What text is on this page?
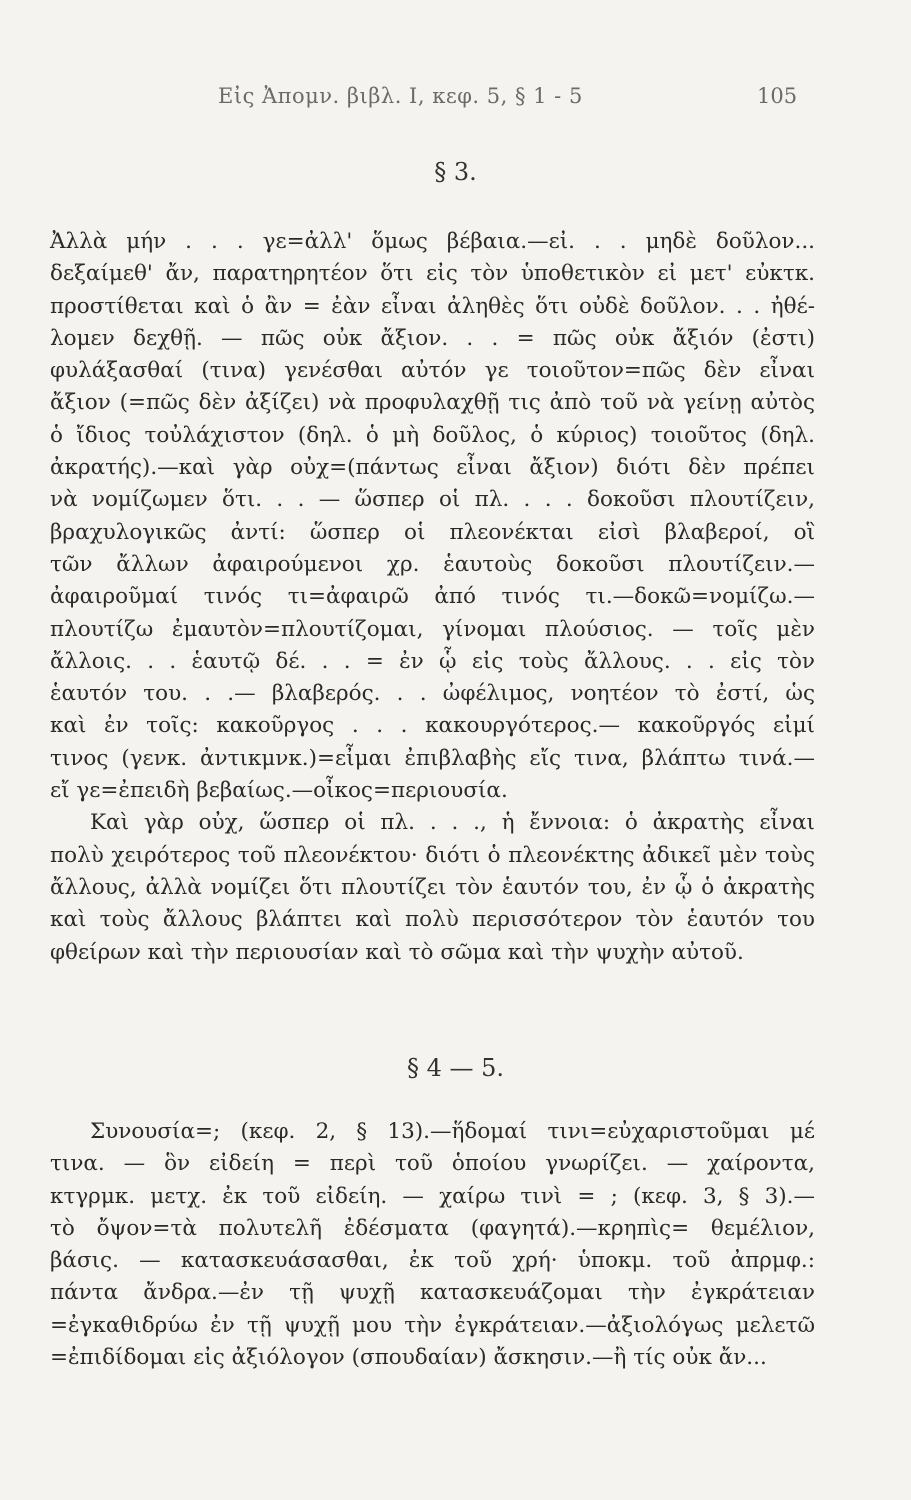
Εἰς Ἀπομν. βιβλ. Ι, κεφ. 5, § 1 - 5	105
§ 3.
Ἀλλὰ μήν . . . γε=ἀλλ' ὅμως βέβαια.—εἰ. . . μηδὲ δοῦλον...
δεξαίμεθ' ἄν, παρατηρητέον ὅτι εἰς τὸν ὑποθετικὸν εἰ μετ' εὐκτκ.
προστίθεται καὶ ὁ ἂν = ἐὰν εἶναι ἀληθὲς ὅτι οὐδὲ δοῦλον. . . ἠθέ-
λομεν δεχθῇ. — πῶς οὐκ ἄξιον. . . = πῶς οὐκ ἄξιόν (ἐστι)
φυλάξασθαί (τινα) γενέσθαι αὐτόν γε τοιοῦτον=πῶς δὲν εἶναι
ἄξιον (=πῶς δὲν ἀξίζει) νὰ προφυλαχθῇ τις ἀπὸ τοῦ νὰ γείνῃ αὐτὸς
ὁ ἴδιος τοὐλάχιστον (δηλ. ὁ μὴ δοῦλος, ὁ κύριος) τοιοῦτος (δηλ.
ἀκρατής).—καὶ γὰρ οὐχ=(πάντως εἶναι ἄξιον) διότι δὲν πρέπει
νὰ νομίζωμεν ὅτι. . . — ὥσπερ οἱ πλ. . . . δοκοῦσι πλουτίζειν,
βραχυλογικῶς ἀντί: ὥσπερ οἱ πλεονέκται εἰσὶ βλαβεροί, οἳ
τῶν ἄλλων ἀφαιρούμενοι χρ. ἑαυτοὺς δοκοῦσι πλουτίζειν.—
ἀφαιροῦμαί τινός τι=ἀφαιρῶ ἀπό τινός τι.—δοκῶ=νομίζω.—
πλουτίζω ἐμαυτὸν=πλουτίζομαι, γίνομαι πλούσιος. — τοῖς μὲν
ἄλλοις. . . ἑαυτῷ δέ. . . = ἐν ᾧ εἰς τοὺς ἄλλους. . . εἰς τὸν
ἑαυτόν του. . .— βλαβερός. . . ὠφέλιμος, νοητέον τὸ ἐστί, ὡς
καὶ ἐν τοῖς: κακοῦργος . . . κακουργότερος.— κακοῦργός εἰμί
τινος (γενκ. ἀντικμνκ.)=εἶμαι ἐπιβλαβὴς εἴς τινα, βλάπτω τινά.—
εἴ γε=ἐπειδὴ βεβαίως.—οἶκος=περιουσία.
Καὶ γὰρ οὐχ, ὥσπερ οἱ πλ. . . ., ἡ ἔννοια: ὁ ἀκρατὴς εἶναι
πολὺ χειρότερος τοῦ πλεονέκτου· διότι ὁ πλεονέκτης ἀδικεῖ μὲν τοὺς
ἄλλους, ἀλλὰ νομίζει ὅτι πλουτίζει τὸν ἑαυτόν του, ἐν ᾧ ὁ ἀκρατὴς
καὶ τοὺς ἄλλους βλάπτει καὶ πολὺ περισσότερον τὸν ἑαυτόν του
φθείρων καὶ τὴν περιουσίαν καὶ τὸ σῶμα καὶ τὴν ψυχὴν αὐτοῦ.
§ 4 — 5.
Συνουσία=; (κεφ. 2, § 13).—ἥδομαί τινι=εὐχαριστοῦμαι μέ
τινα. — ὃν εἰδείη = περὶ τοῦ ὁποίου γνωρίζει. — χαίροντα,
κτγρμκ. μετχ. ἐκ τοῦ εἰδείη. — χαίρω τινὶ = ; (κεφ. 3, § 3).—
τὸ ὄψον=τὰ πολυτελῆ ἐδέσματα (φαγητά).—κρηπὶς= θεμέλιον,
βάσις. — κατασκευάσασθαι, ἐκ τοῦ χρή· ὑποκμ. τοῦ ἀπρμφ.:
πάντα ἄνδρα.—ἐν τῇ ψυχῇ κατασκευάζομαι τὴν ἐγκράτειαν
=ἐγκαθιδρύω ἐν τῇ ψυχῇ μου τὴν ἐγκράτειαν.—ἀξιολόγως μελετῶ
=ἐπιδίδομαι εἰς ἀξιόλογον (σπουδαίαν) ἄσκησιν.—ἢ τίς οὐκ ἄν...
